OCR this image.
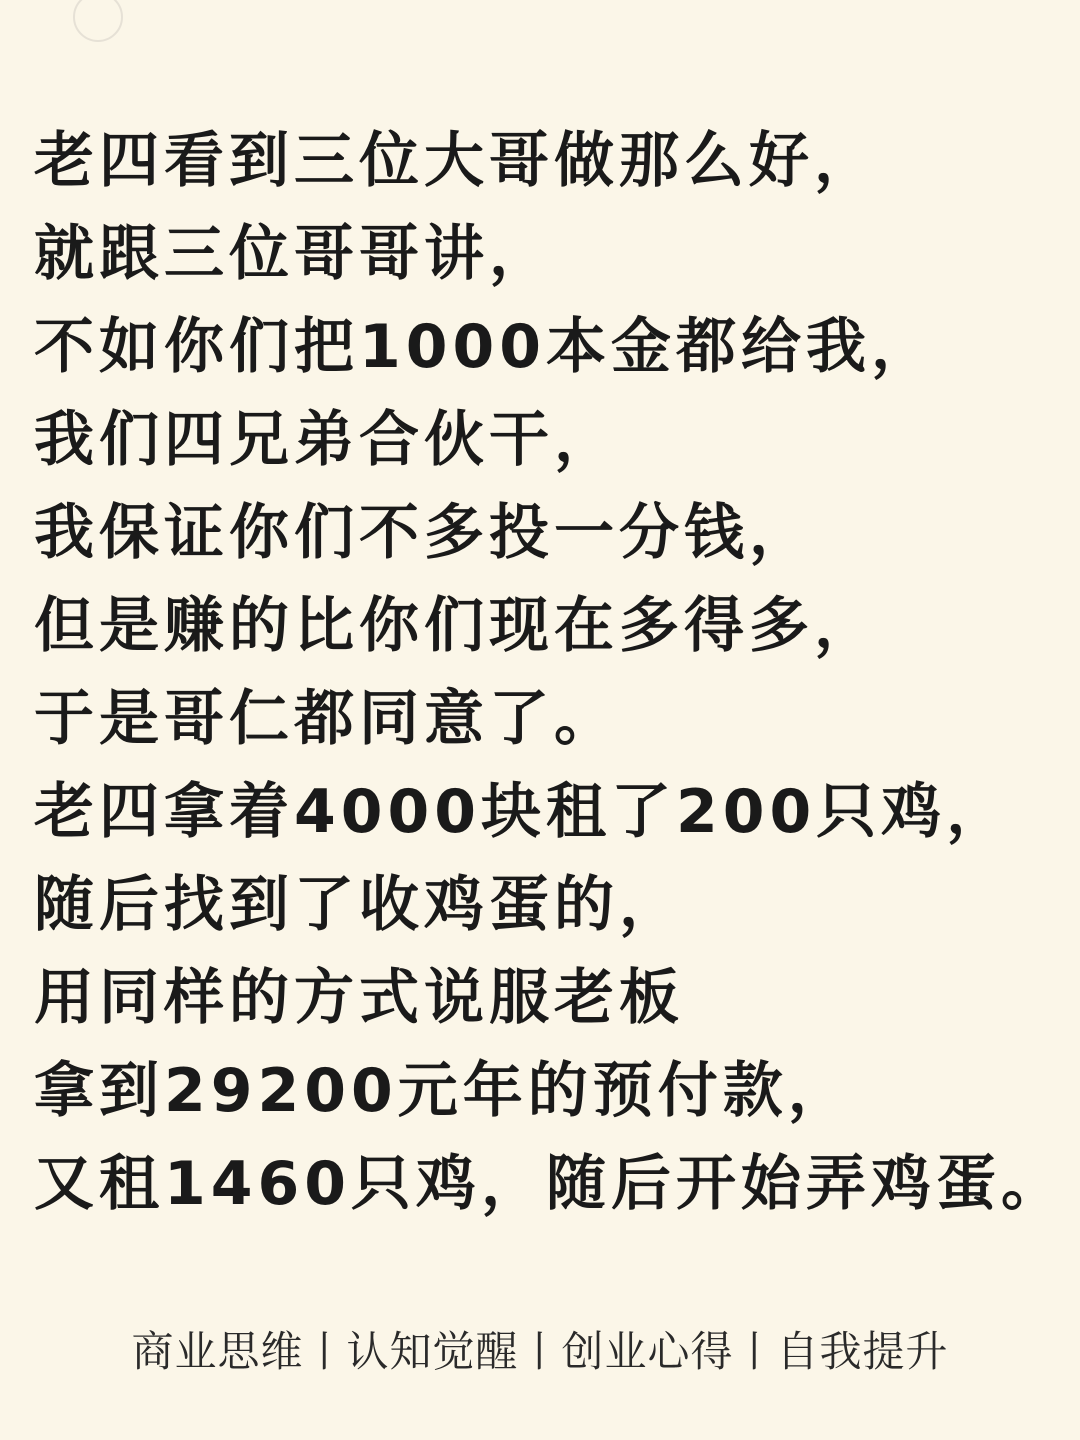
老四看到三位大哥做那么好，
就跟三位哥哥讲，
不如你们把1000本金都给我，
我们四兄弟合伙干，
我保证你们不多投一分钱，
但是赚的比你们现在多得多，
于是哥仁都同意了。
老四拿着4000块租了200只鸡，
随后找到了收鸡蛋的，
用同样的方式说服老板
拿到29200元年的预付款，
又租1460只鸡，随后开始弄鸡蛋。
商业思维丨认知觉醒丨创业心得丨自我提升
